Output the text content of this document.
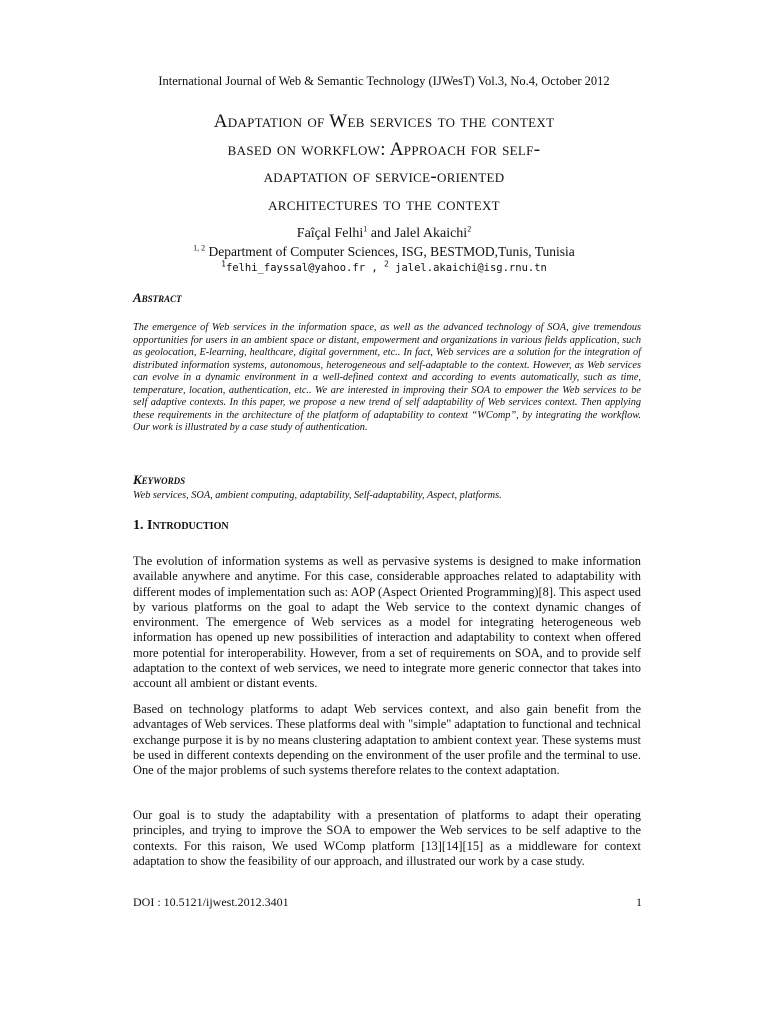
International Journal of Web & Semantic Technology (IJWesT) Vol.3, No.4, October 2012
Adaptation of Web services to the context
based on workflow: Approach for self-
adaptation of service-oriented
architectures to the context
Faîçal Felhi$^1$ and Jalel Akaichi$^2$
$^{1, 2}$ Department of Computer Sciences, ISG, BESTMOD,Tunis, Tunisia
$^1$felhi_fayssal@yahoo.fr , $^2$ jalel.akaichi@isg.rnu.tn
Abstract
The emergence of Web services in the information space, as well as the advanced technology of SOA, give tremendous opportunities for users in an ambient space or distant, empowerment and organizations in various fields application, such as geolocation, E-learning, healthcare, digital government, etc.. In fact, Web services are a solution for the integration of distributed information systems, autonomous, heterogeneous and self-adaptable to the context. However, as Web services can evolve in a dynamic environment in a well-defined context and according to events automatically, such as time, temperature, location, authentication, etc.. We are interested in improving their SOA to empower the Web services to be self adaptive contexts. In this paper, we propose a new trend of self adaptability of Web services context. Then applying these requirements in the architecture of the platform of adaptability to context “WComp”, by integrating the workflow. Our work is illustrated by a case study of authentication.
Keywords
Web services, SOA, ambient computing, adaptability, Self-adaptability, Aspect, platforms.
1. Introduction
The evolution of information systems as well as pervasive systems is designed to make information available anywhere and anytime. For this case, considerable approaches related to adaptability with different modes of implementation such as: AOP (Aspect Oriented Programming)[8]. This aspect used by various platforms on the goal to adapt the Web service to the context dynamic changes of environment. The emergence of Web services as a model for integrating heterogeneous web information has opened up new possibilities of interaction and adaptability to context when offered more potential for interoperability. However, from a set of requirements on SOA, and to provide self adaptation to the context of web services, we need to integrate more generic connector that takes into account all ambient or distant events.
Based on technology platforms to adapt Web services context, and also gain benefit from the advantages of Web services. These platforms deal with "simple" adaptation to functional and technical exchange purpose it is by no means clustering adaptation to ambient context year. These systems must be used in different contexts depending on the environment of the user profile and the terminal to use. One of the major problems of such systems therefore relates to the context adaptation.
Our goal is to study the adaptability with a presentation of platforms to adapt their operating principles, and trying to improve the SOA to empower the Web services to be self adaptive to the contexts. For this raison, We used WComp platform [13][14][15] as a middleware for context adaptation to show the feasibility of our approach, and illustrated our work by a case study.
DOI : 10.5121/ijwest.2012.3401	1
